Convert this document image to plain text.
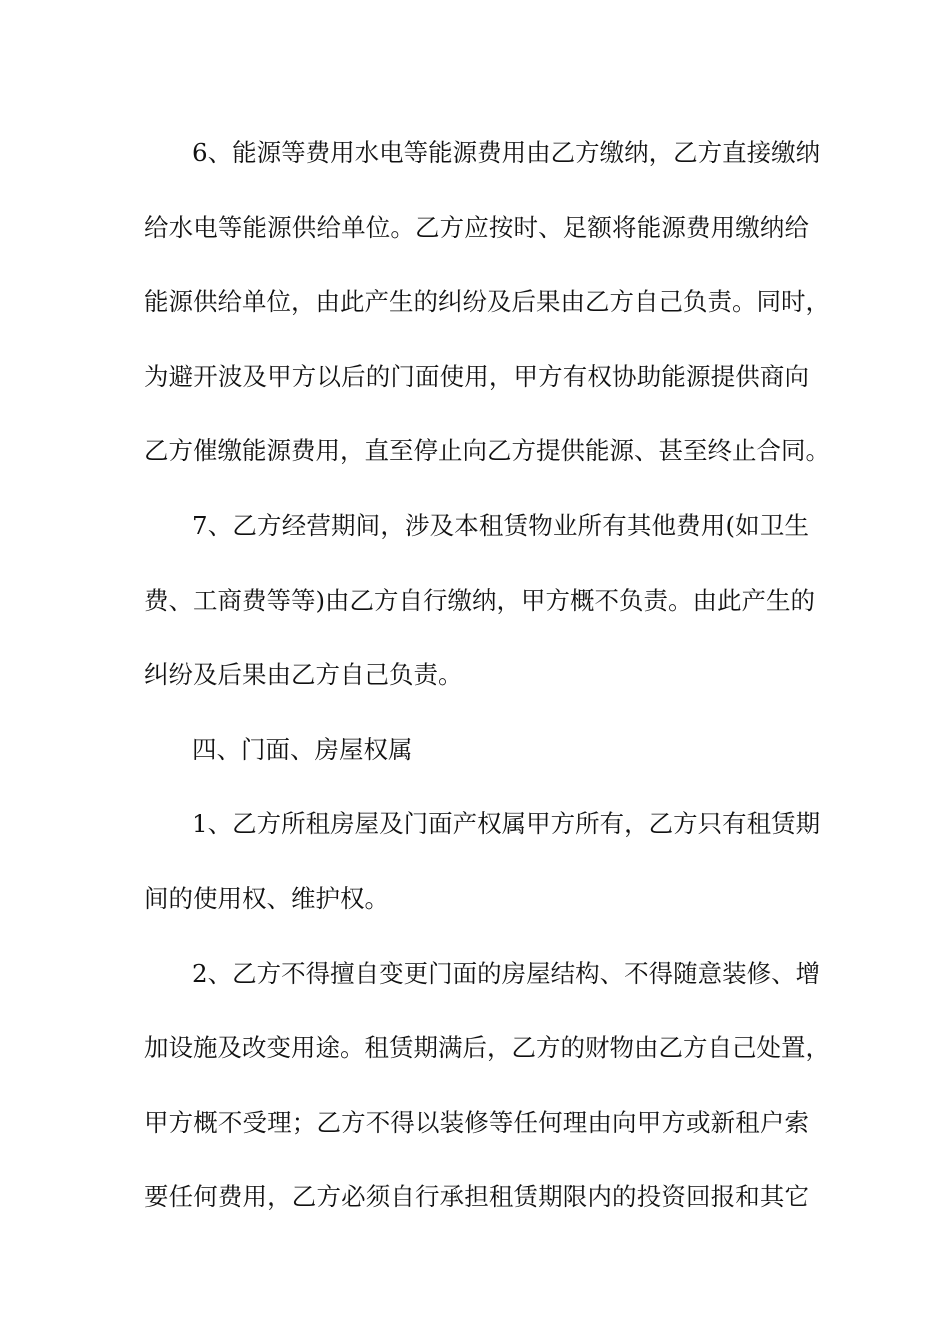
6、能源等费用水电等能源费用由乙方缴纳，乙方直接缴纳
给水电等能源供给单位。乙方应按时、足额将能源费用缴纳给
能源供给单位，由此产生的纠纷及后果由乙方自己负责。同时，
为避开波及甲方以后的门面使用，甲方有权协助能源提供商向
乙方催缴能源费用，直至停止向乙方提供能源、甚至终止合同。
7、乙方经营期间，涉及本租赁物业所有其他费用(如卫生
费、工商费等等)由乙方自行缴纳，甲方概不负责。由此产生的
纠纷及后果由乙方自己负责。
四、门面、房屋权属
1、乙方所租房屋及门面产权属甲方所有，乙方只有租赁期
间的使用权、维护权。
2、乙方不得擅自变更门面的房屋结构、不得随意装修、增
加设施及改变用途。租赁期满后，乙方的财物由乙方自己处置，
甲方概不受理；乙方不得以装修等任何理由向甲方或新租户索
要任何费用，乙方必须自行承担租赁期限内的投资回报和其它
